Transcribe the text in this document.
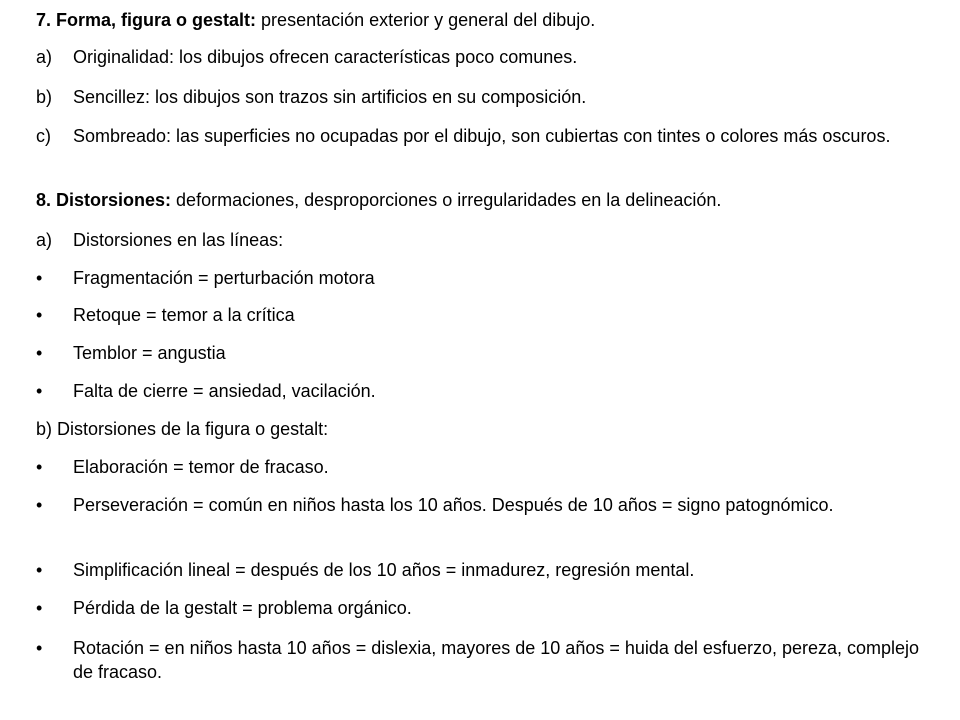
7. Forma, figura o gestalt: presentación exterior y general del dibujo.
a)	Originalidad: los dibujos ofrecen características poco comunes.
b)	Sencillez: los dibujos son trazos sin artificios en su composición.
c)	Sombreado: las superficies no ocupadas por el dibujo, son cubiertas con tintes o colores más oscuros.
8. Distorsiones: deformaciones, desproporciones o irregularidades en la delineación.
a)	Distorsiones en las líneas:
•	Fragmentación = perturbación motora
•	Retoque = temor a la crítica
•	Temblor = angustia
•	Falta de cierre = ansiedad, vacilación.
b) Distorsiones de la figura o gestalt:
•	Elaboración = temor de fracaso.
•	Perseveración = común en niños hasta los 10 años. Después de 10 años = signo patognómico.
•	Simplificación lineal = después de los 10 años = inmadurez, regresión mental.
•	Pérdida de la gestalt = problema orgánico.
•	Rotación = en niños hasta 10 años = dislexia, mayores de 10 años = huida del esfuerzo, pereza, complejo de fracaso.
